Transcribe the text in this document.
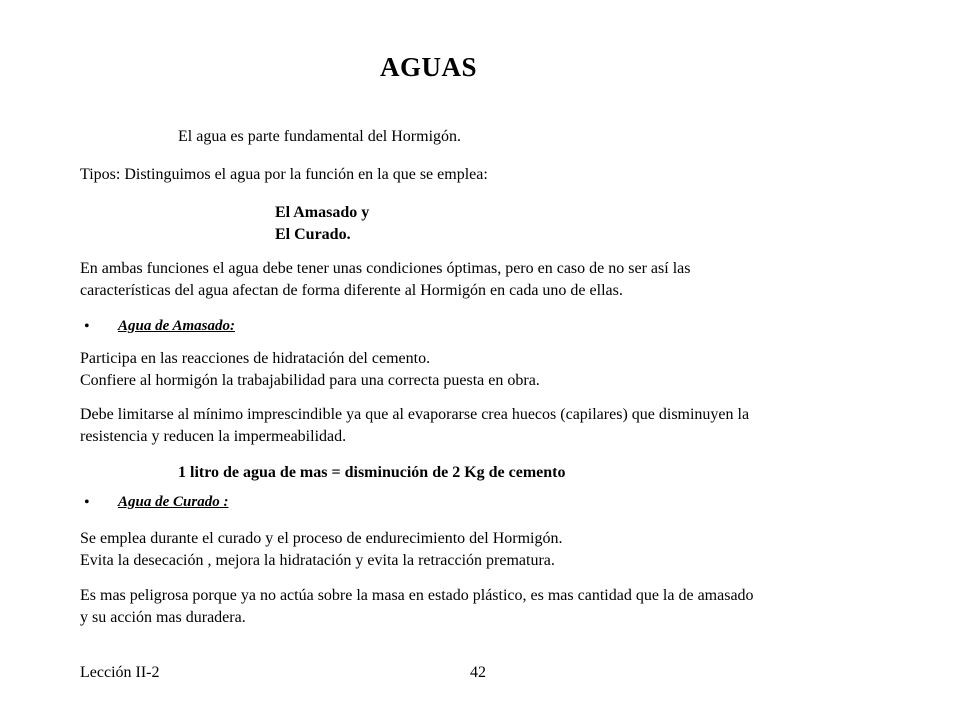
AGUAS
El agua es parte fundamental del Hormigón.
Tipos: Distinguimos el agua por la función en la que se emplea:
El Amasado y
El Curado.
En ambas funciones el agua debe tener unas condiciones óptimas, pero en caso de no ser así las
características del agua afectan de forma diferente al Hormigón en cada uno de ellas.
• Agua de Amasado:
Participa en las reacciones de hidratación del cemento.
Confiere al hormigón la trabajabilidad para una correcta puesta en obra.
Debe limitarse al mínimo imprescindible ya que al evaporarse crea huecos (capilares) que disminuyen la
resistencia y reducen la impermeabilidad.
1 litro de agua de mas = disminución de 2 Kg de cemento
• Agua de Curado :
Se emplea durante el curado y el proceso de endurecimiento del Hormigón.
Evita la desecación , mejora la hidratación y evita la retracción prematura.
Es mas peligrosa porque ya no actúa sobre la masa en estado plástico, es mas cantidad que la de amasado
y su acción mas duradera.
Lección II-2	42
